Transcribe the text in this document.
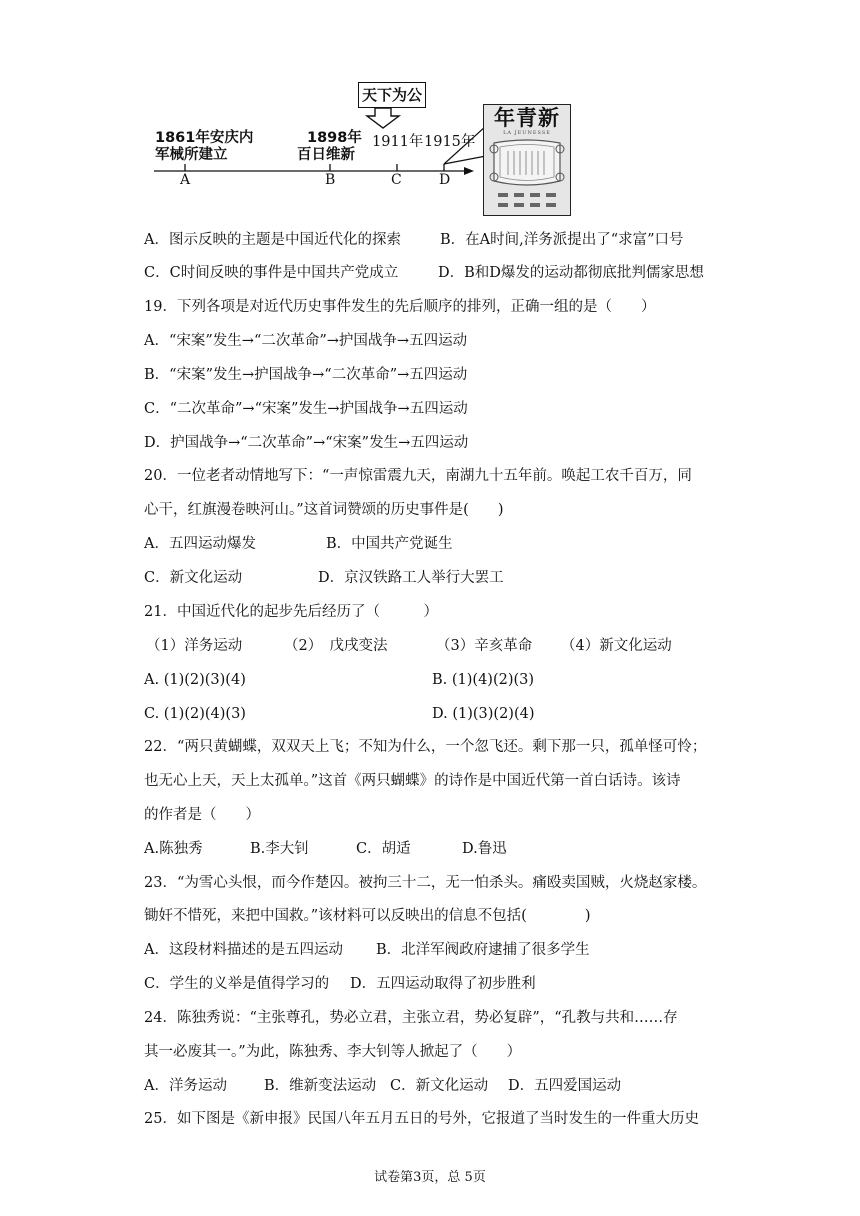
天下为公
1861年安庆内
军械所建立
1898年
百日维新
1911年 1915年
A	B	C	D
新青年
LA JEUNESSE
A．图示反映的主题是中国近代化的探索	B．在A时间,洋务派提出了“求富”口号
C．C时间反映的事件是中国共产党成立	D．B和D爆发的运动都彻底批判儒家思想
19．下列各项是对近代历史事件发生的先后顺序的排列，正确一组的是（　　）
A．“宋案”发生→“二次革命”→护国战争→五四运动
B．“宋案”发生→护国战争→“二次革命”→五四运动
C．“二次革命”→“宋案”发生→护国战争→五四运动
D．护国战争→“二次革命”→“宋案”发生→五四运动
20．一位老者动情地写下：“一声惊雷震九天，南湖九十五年前。唤起工农千百万，同
心干，红旗漫卷映河山。”这首词赞颂的历史事件是(　　)
A．五四运动爆发	B．中国共产党诞生
C．新文化运动	D．京汉铁路工人举行大罢工
21．中国近代化的起步先后经历了（　　　）
（1）洋务运动	（2）　戊戌变法	（3）辛亥革命 （4）新文化运动
A. (1)(2)(3)(4)	B. (1)(4)(2)(3)
C. (1)(2)(4)(3)	D. (1)(3)(2)(4)
22．“两只黄蝴蝶，双双天上飞；不知为什么，一个忽飞还。剩下那一只，孤单怪可怜；
也无心上天，天上太孤单。”这首《两只蝴蝶》的诗作是中国近代第一首白话诗。该诗
的作者是（　　）
A.陈独秀	B.李大钊	C．胡适	D.鲁迅
23．“为雪心头恨，而今作楚囚。被拘三十二，无一怕杀头。痛殴卖国贼，火烧赵家楼。
锄奸不惜死，来把中国救。”该材料可以反映出的信息不包括(　　　　)
A．这段材料描述的是五四运动 B．北洋军阀政府逮捕了很多学生
C．学生的义举是值得学习的 D．五四运动取得了初步胜利
24．陈独秀说：“主张尊孔，势必立君，主张立君，势必复辟”，“孔教与共和……存
其一必废其一。”为此，陈独秀、李大钊等人掀起了（　　）
A．洋务运动	B．维新变法运动 C．新文化运动 D．五四爱国运动
25．如下图是《新申报》民国八年五月五日的号外，它报道了当时发生的一件重大历史
试卷第3页，总 5页
